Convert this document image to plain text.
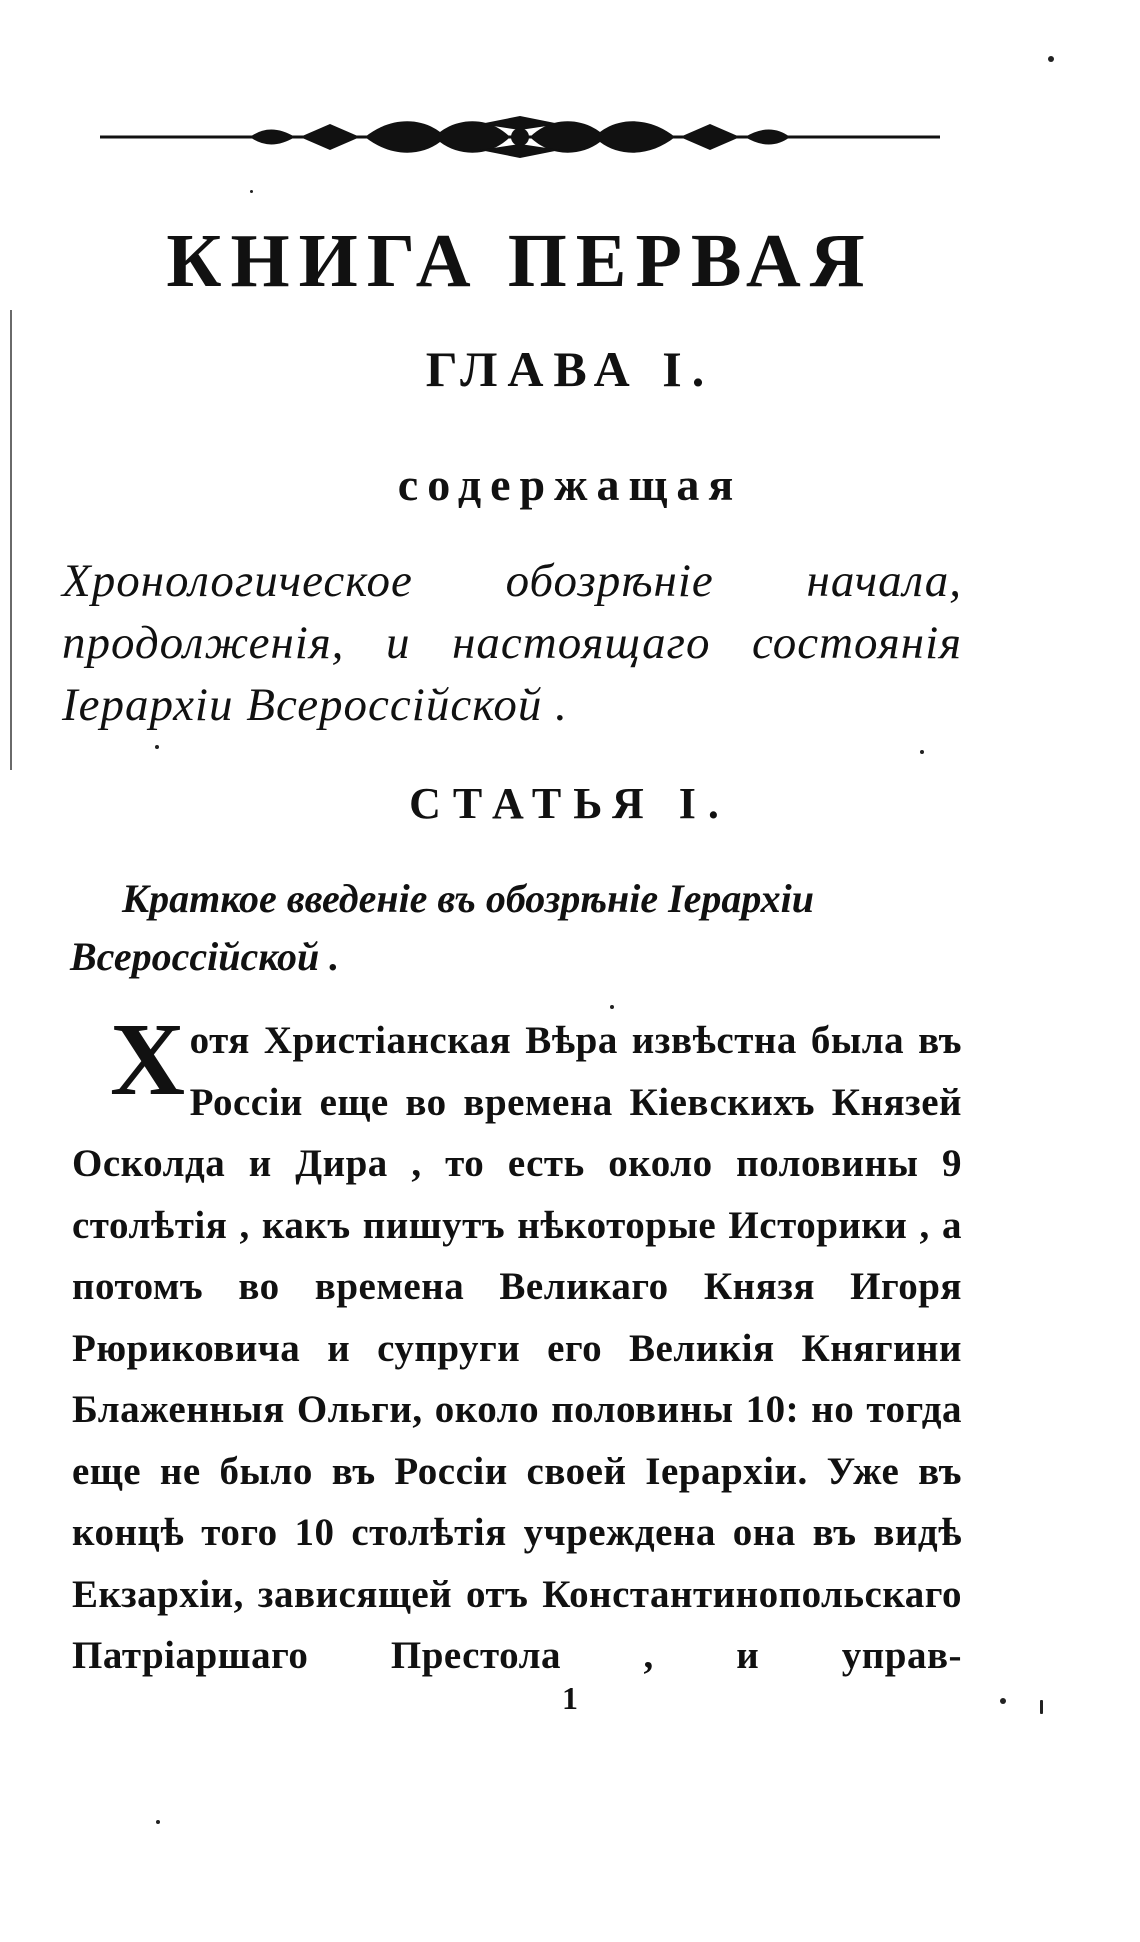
КНИГА ПЕРВАЯ
ГЛАВА I.
содержащая

Хронологическое обозрѣніе начала, продолженія, и настоящаго состоянія Іерархіи Всероссійской .

СТАТЬЯ I.

Краткое введеніе въ обозрѣніе Іерархіи Всероссійской .

Хотя Христіанская Вѣра извѣстна была въ Россіи еще во времена Кіевскихъ Князей Осколда и Дира , то есть около половины 9 столѣтія , какъ пишутъ нѣкоторые Историки , а потомъ во времена Великаго Князя Игоря Рюриковича и супруги его Великія Княгини Блаженныя Ольги, около половины 10: но тогда еще не было въ Россіи своей Іерархіи. Уже въ концѣ того 10 столѣтія учреждена она въ видѣ Екзархіи, зависящей отъ Константинопольскаго Патріаршаго Престола , и управ-
1
